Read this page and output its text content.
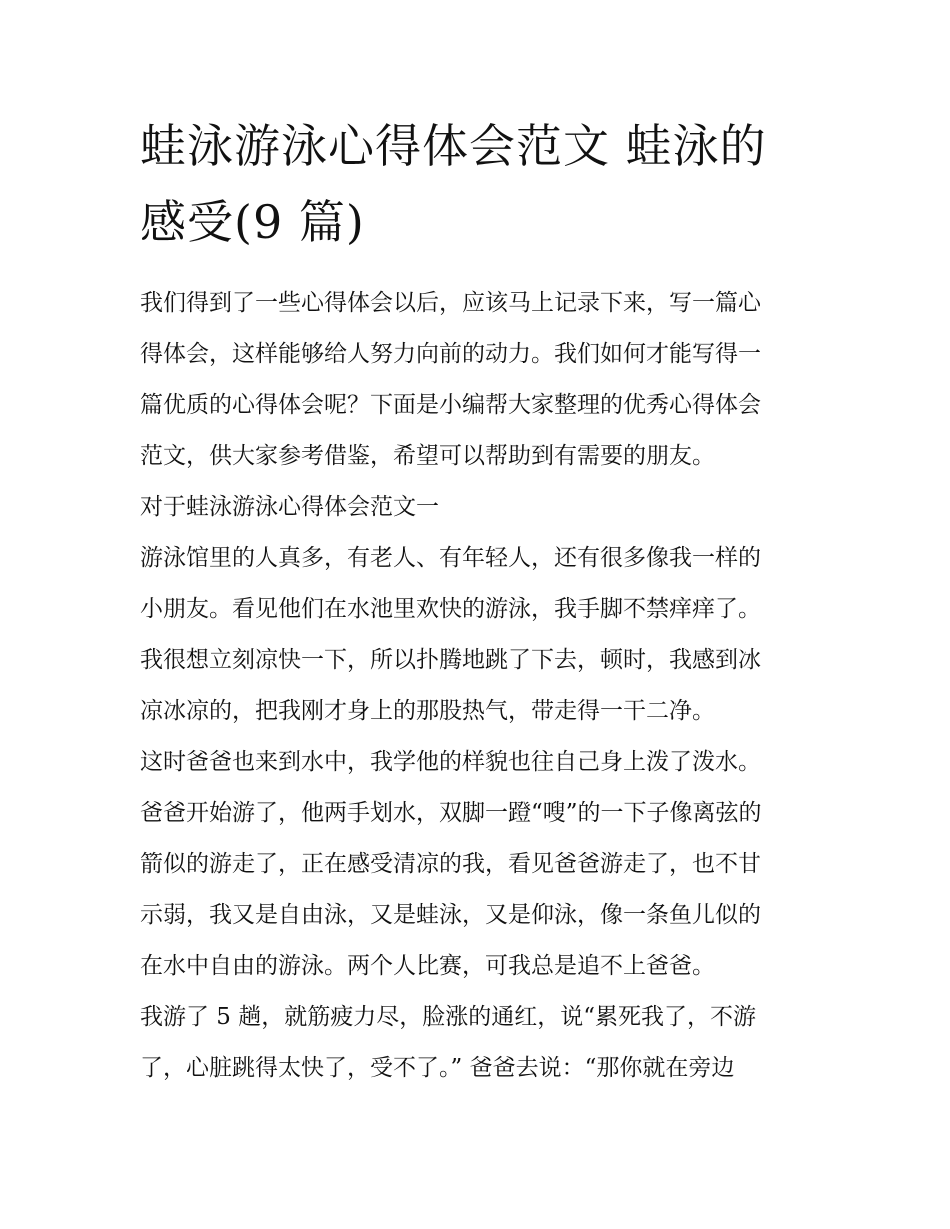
蛙泳游泳心得体会范文 蛙泳的
感受(9 篇)

我们得到了一些心得体会以后，应该马上记录下来，写一篇心
得体会，这样能够给人努力向前的动力。我们如何才能写得一
篇优质的心得体会呢？下面是小编帮大家整理的优秀心得体会
范文，供大家参考借鉴，希望可以帮助到有需要的朋友。

对于蛙泳游泳心得体会范文一

游泳馆里的人真多，有老人、有年轻人，还有很多像我一样的
小朋友。看见他们在水池里欢快的游泳，我手脚不禁痒痒了。
我很想立刻凉快一下，所以扑腾地跳了下去，顿时，我感到冰
凉冰凉的，把我刚才身上的那股热气，带走得一干二净。

这时爸爸也来到水中，我学他的样貌也往自己身上泼了泼水。
爸爸开始游了，他两手划水，双脚一蹬“嗖”的一下子像离弦的
箭似的游走了，正在感受清凉的我，看见爸爸游走了，也不甘
示弱，我又是自由泳，又是蛙泳，又是仰泳，像一条鱼儿似的
在水中自由的游泳。两个人比赛，可我总是追不上爸爸。

我游了 5 趟，就筋疲力尽，脸涨的通红，说“累死我了，不游
了，心脏跳得太快了，受不了。” 爸爸去说：“那你就在旁边
